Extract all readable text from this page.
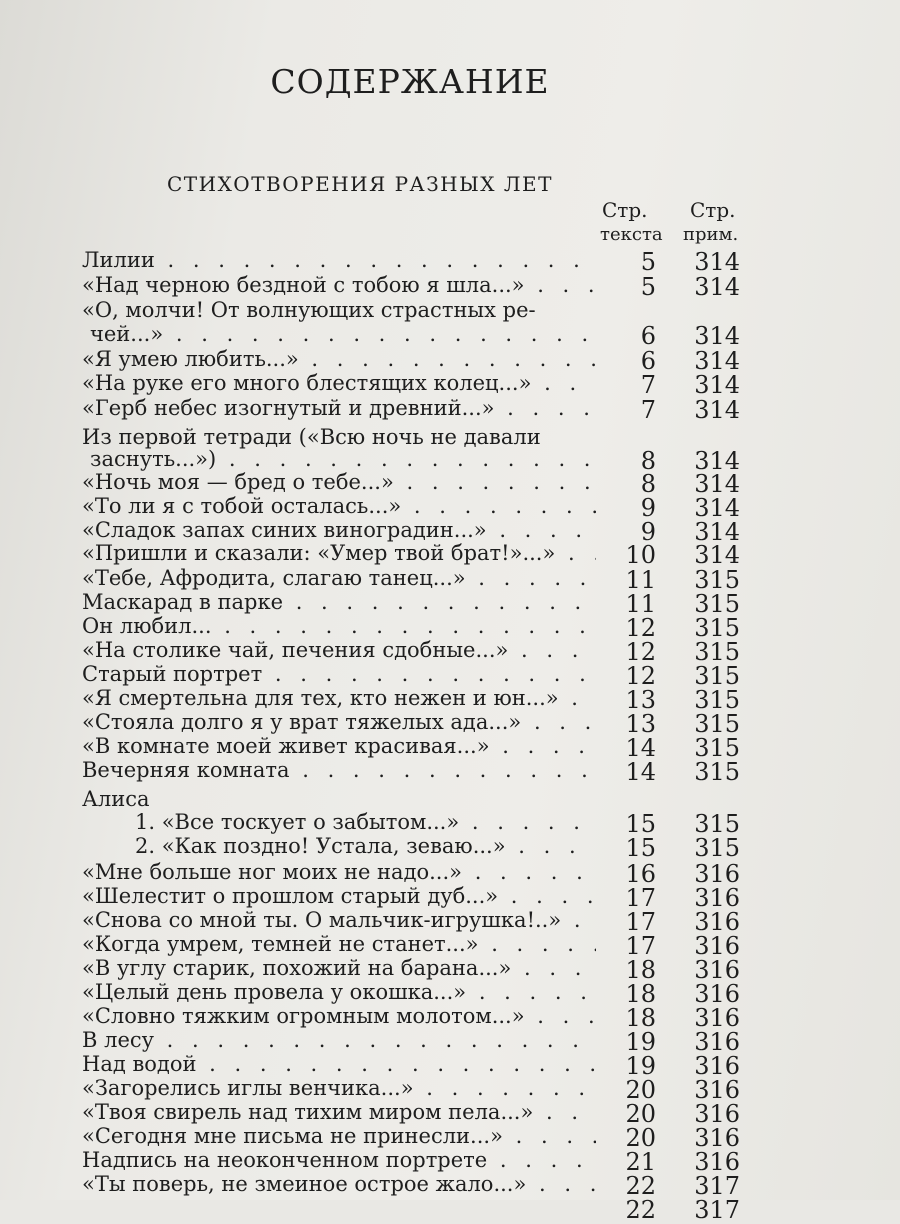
СОДЕРЖАНИЕ
СТИХОТВОРЕНИЯ РАЗНЫХ ЛЕТ
Стр. Стр.
текста прим.
Лилии . . .	5 314
«Над черною бездной с тобою я шла...» . . .	5 314
«О, молчи! От волнующих страстных ре-
чей...» . . .	6 314
«Я умею любить...» . . .	6 314
«На руке его много блестящих колец...» . . .	7 314
«Герб небес изогнутый и древний...» . . .	7 314
Из первой тетради («Всю ночь не давали
заснуть...») . . .	8 314
«Ночь моя — бред о тебе...» . . .	8 314
«То ли я с тобой осталась...» . . .	9 314
«Сладок запах синих виноградин...» . . .	9 314
«Пришли и сказали: «Умер твой брат!»...» . . .	10 314
«Тебе, Афродита, слагаю танец...» . . .	11 315
Маскарад в парке . . .	11 315
Он любил... . . .	12 315
«На столике чай, печения сдобные...» . . .	12 315
Старый портрет . . .	12 315
«Я смертельна для тех, кто нежен и юн...» . . .	13 315
«Стояла долго я у врат тяжелых ада...» . . .	13 315
«В комнате моей живет красивая...» . . .	14 315
Вечерняя комната . . .	14 315
Алиса
1. «Все тоскует о забытом...» . . .	15 315
2. «Как поздно! Устала, зеваю...» . . .	15 315
«Мне больше ног моих не надо...» . . .	16 316
«Шелестит о прошлом старый дуб...» . . .	17 316
«Снова со мной ты. О мальчик-игрушка!..» . . .	17 316
«Когда умрем, темней не станет...» . . .	17 316
«В углу старик, похожий на барана...» . . .	18 316
«Целый день провела у окошка...» . . .	18 316
«Словно тяжким огромным молотом...» . . .	18 316
В лесу . . .	19 316
Над водой . . .	19 316
«Загорелись иглы венчика...» . . .	20 316
«Твоя свирель над тихим миром пела...» . . .	20 316
«Сегодня мне письма не принесли...» . . .	20 316
Надпись на неоконченном портрете . . .	21 316
«Ты поверь, не змеиное острое жало...» . . .	22 317
22 317
